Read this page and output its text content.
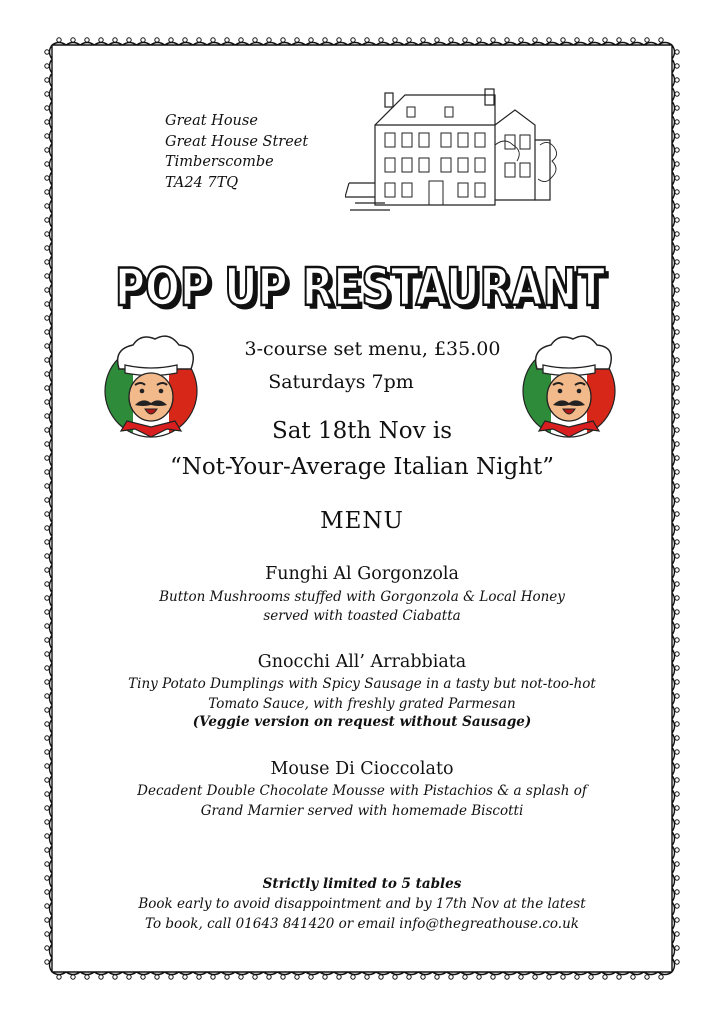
Great House
Great House Street
Timberscombe
TA24 7TQ
POP UP RESTAURANT
POP UP RESTAURANT
3-course set menu, £35.00
Saturdays 7pm
Sat 18th Nov is
“Not-Your-Average Italian Night”
MENU
Funghi Al Gorgonzola
Button Mushrooms stuffed with Gorgonzola & Local Honey
served with toasted Ciabatta
Gnocchi All’ Arrabbiata
Tiny Potato Dumplings with Spicy Sausage in a tasty but not-too-hot
Tomato Sauce, with freshly grated Parmesan
(Veggie version on request without Sausage)
Mouse Di Cioccolato
Decadent Double Chocolate Mousse with Pistachios & a splash of
Grand Marnier served with homemade Biscotti
Strictly limited to 5 tables
Book early to avoid disappointment and by 17th Nov at the latest
To book, call 01643 841420 or email info@thegreathouse.co.uk
